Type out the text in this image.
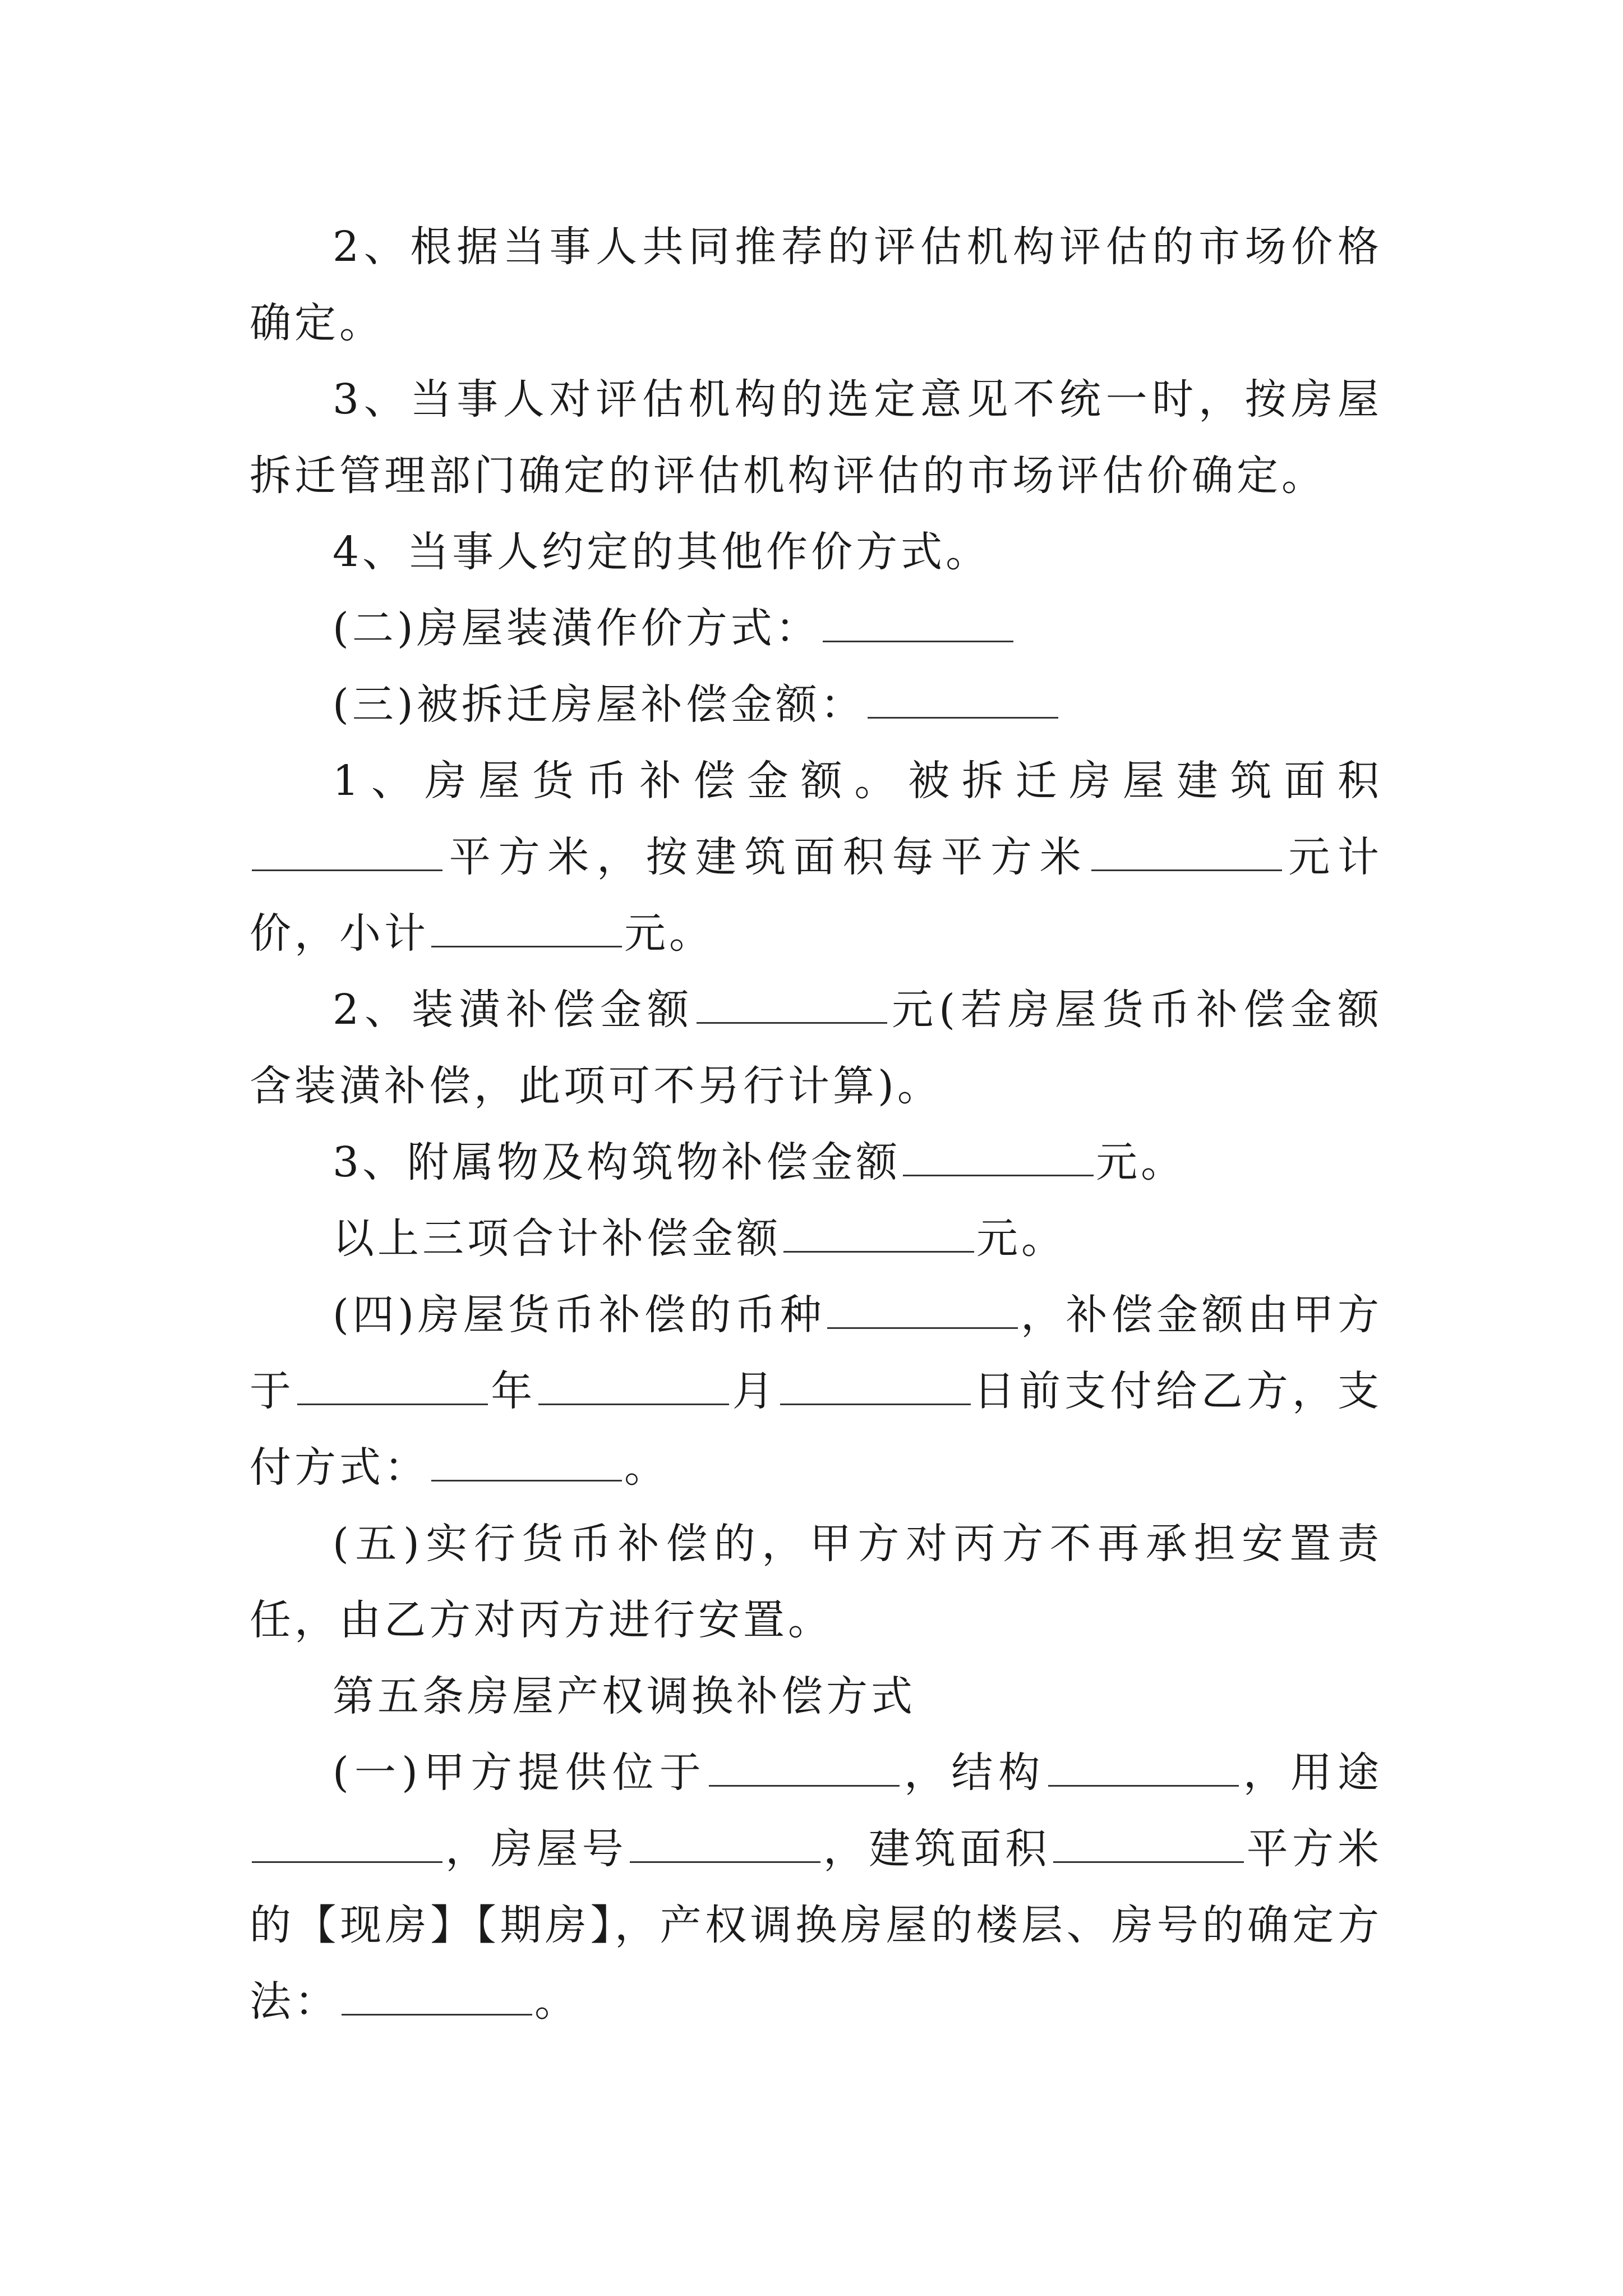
2、根据当事人共同推荐的评估机构评估的市场价格确定。

3、当事人对评估机构的选定意见不统一时，按房屋拆迁管理部门确定的评估机构评估的市场评估价确定。

4、当事人约定的其他作价方式。

(二)房屋装潢作价方式：

(三)被拆迁房屋补偿金额：

1、房屋货币补偿金额。被拆迁房屋建筑面积平方米，按建筑面积每平方米	元计价，小计	元。

2、装潢补偿金额	元(若房屋货币补偿金额含装潢补偿，此项可不另行计算)。

3、附属物及构筑物补偿金额	元。

以上三项合计补偿金额	元。

(四)房屋货币补偿的币种	，补偿金额由甲方于	年	月	日前支付给乙方，支付方式：	。

(五)实行货币补偿的，甲方对丙方不再承担安置责任，由乙方对丙方进行安置。

第五条房屋产权调换补偿方式

(一)甲方提供位于	，结构	，用途，房屋号	，建筑面积	平方米的【现房】【期房】，产权调换房屋的楼层、房号的确定方法：	。
